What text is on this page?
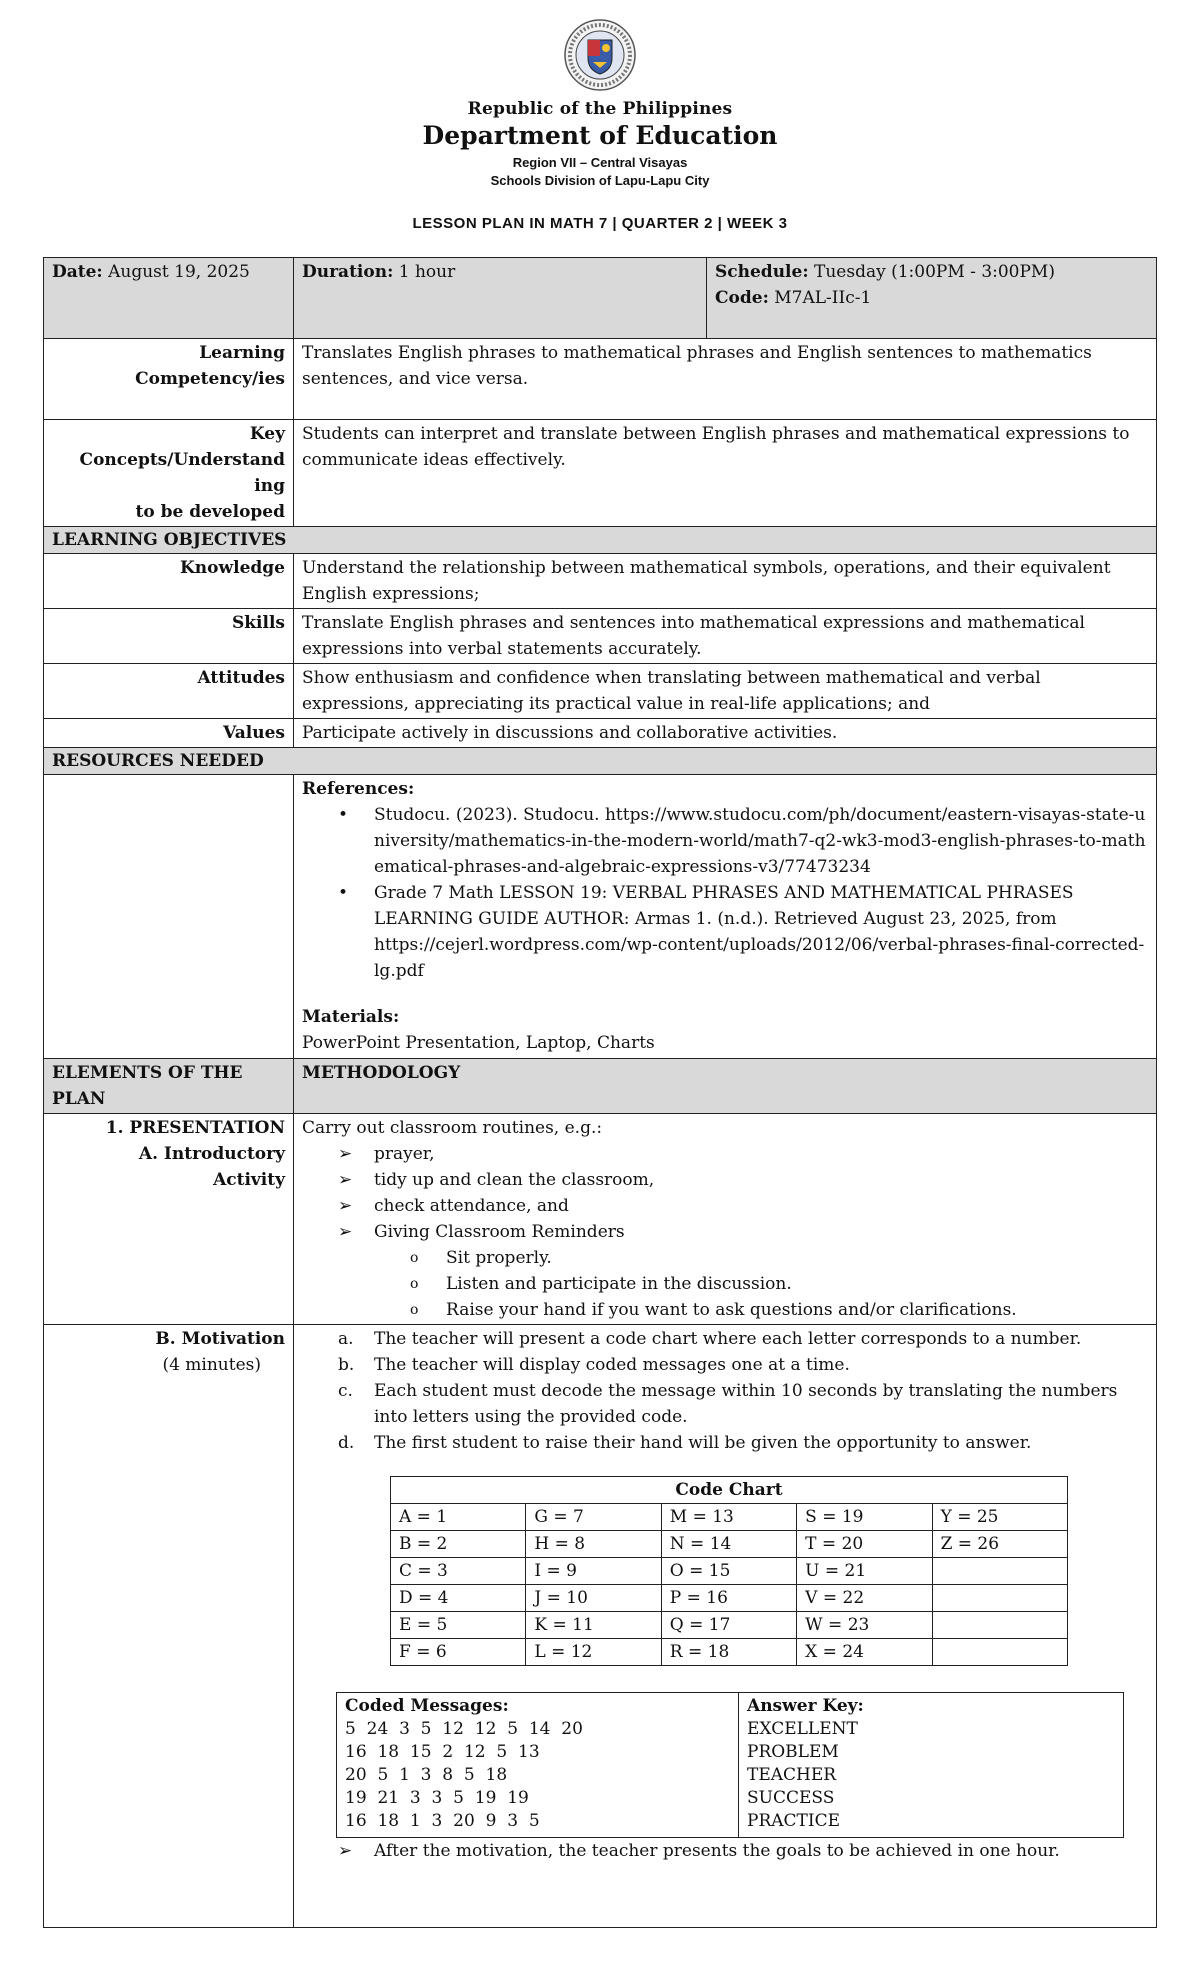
Republic of the Philippines
Department of Education
Region VII – Central Visayas
Schools Division of Lapu-Lapu City
LESSON PLAN IN MATH 7 | QUARTER 2 | WEEK 3
Date: August 19, 2025	Duration: 1 hour	Schedule: Tuesday (1:00PM - 3:00PM)
Code: M7AL-IIc-1

Learning
Competency/ies
	Translates English phrases to mathematical phrases and English sentences to mathematics sentences, and vice versa.

Key
Concepts/Understand
ing
to be developed
	Students can interpret and translate between English phrases and mathematical expressions to communicate ideas effectively.
LEARNING OBJECTIVES
Knowledge	Understand the relationship between mathematical symbols, operations, and their equivalent English expressions;
Skills	Translate English phrases and sentences into mathematical expressions and mathematical expressions into verbal statements accurately.
Attitudes	Show enthusiasm and confidence when translating between mathematical and verbal expressions, appreciating its practical value in real-life applications; and
Values	Participate actively in discussions and collaborative activities.
RESOURCES NEEDED

References:
• Studocu. (2023). Studocu. https://www.studocu.com/ph/document/eastern-visayas-state-university/mathematics-in-the-modern-world/math7-q2-wk3-mod3-english-phrases-to-mathematical-phrases-and-algebraic-expressions-v3/77473234
• Grade 7 Math LESSON 19: VERBAL PHRASES AND MATHEMATICAL PHRASES LEARNING GUIDE AUTHOR: Armas 1. (n.d.). Retrieved August 23, 2025, from https://cejerl.wordpress.com/wp-content/uploads/2012/06/verbal-phrases-final-corrected-lg.pdf
Materials:
PowerPoint Presentation, Laptop, Charts

ELEMENTS OF THE PLAN	METHODOLOGY

1. PRESENTATION
A. Introductory
Activity

Carry out classroom routines, e.g.:
➢ prayer,
➢ tidy up and clean the classroom,
➢ check attendance, and
➢ Giving Classroom Reminders
o Sit properly.
o Listen and participate in the discussion.
o Raise your hand if you want to ask questions and/or clarifications.

B. Motivation
(4 minutes)

a. The teacher will present a code chart where each letter corresponds to a number.
b. The teacher will display coded messages one at a time.
c. Each student must decode the message within 10 seconds by translating the numbers into letters using the provided code.
d. The first student to raise their hand will be given the opportunity to answer.
Code Chart
A = 1	G = 7	M = 13	S = 19	Y = 25
B = 2	H = 8	N = 14	T = 20	Z = 26
C = 3	I = 9	O = 15	U = 21	
D = 4	J = 10	P = 16	V = 22	
E = 5	K = 11	Q = 17	W = 23	
F = 6	L = 12	R = 18	X = 24	
Coded Messages:
5  24  3  5  12  12  5  14  20
16  18  15  2  12  5  13
20  5  1  3  8  5  18
19  21  3  3  5  19  19
16  18  1  3  20  9  3  5

Answer Key:
EXCELLENT
PROBLEM
TEACHER
SUCCESS
PRACTICE
➢ After the motivation, the teacher presents the goals to be achieved in one hour.
